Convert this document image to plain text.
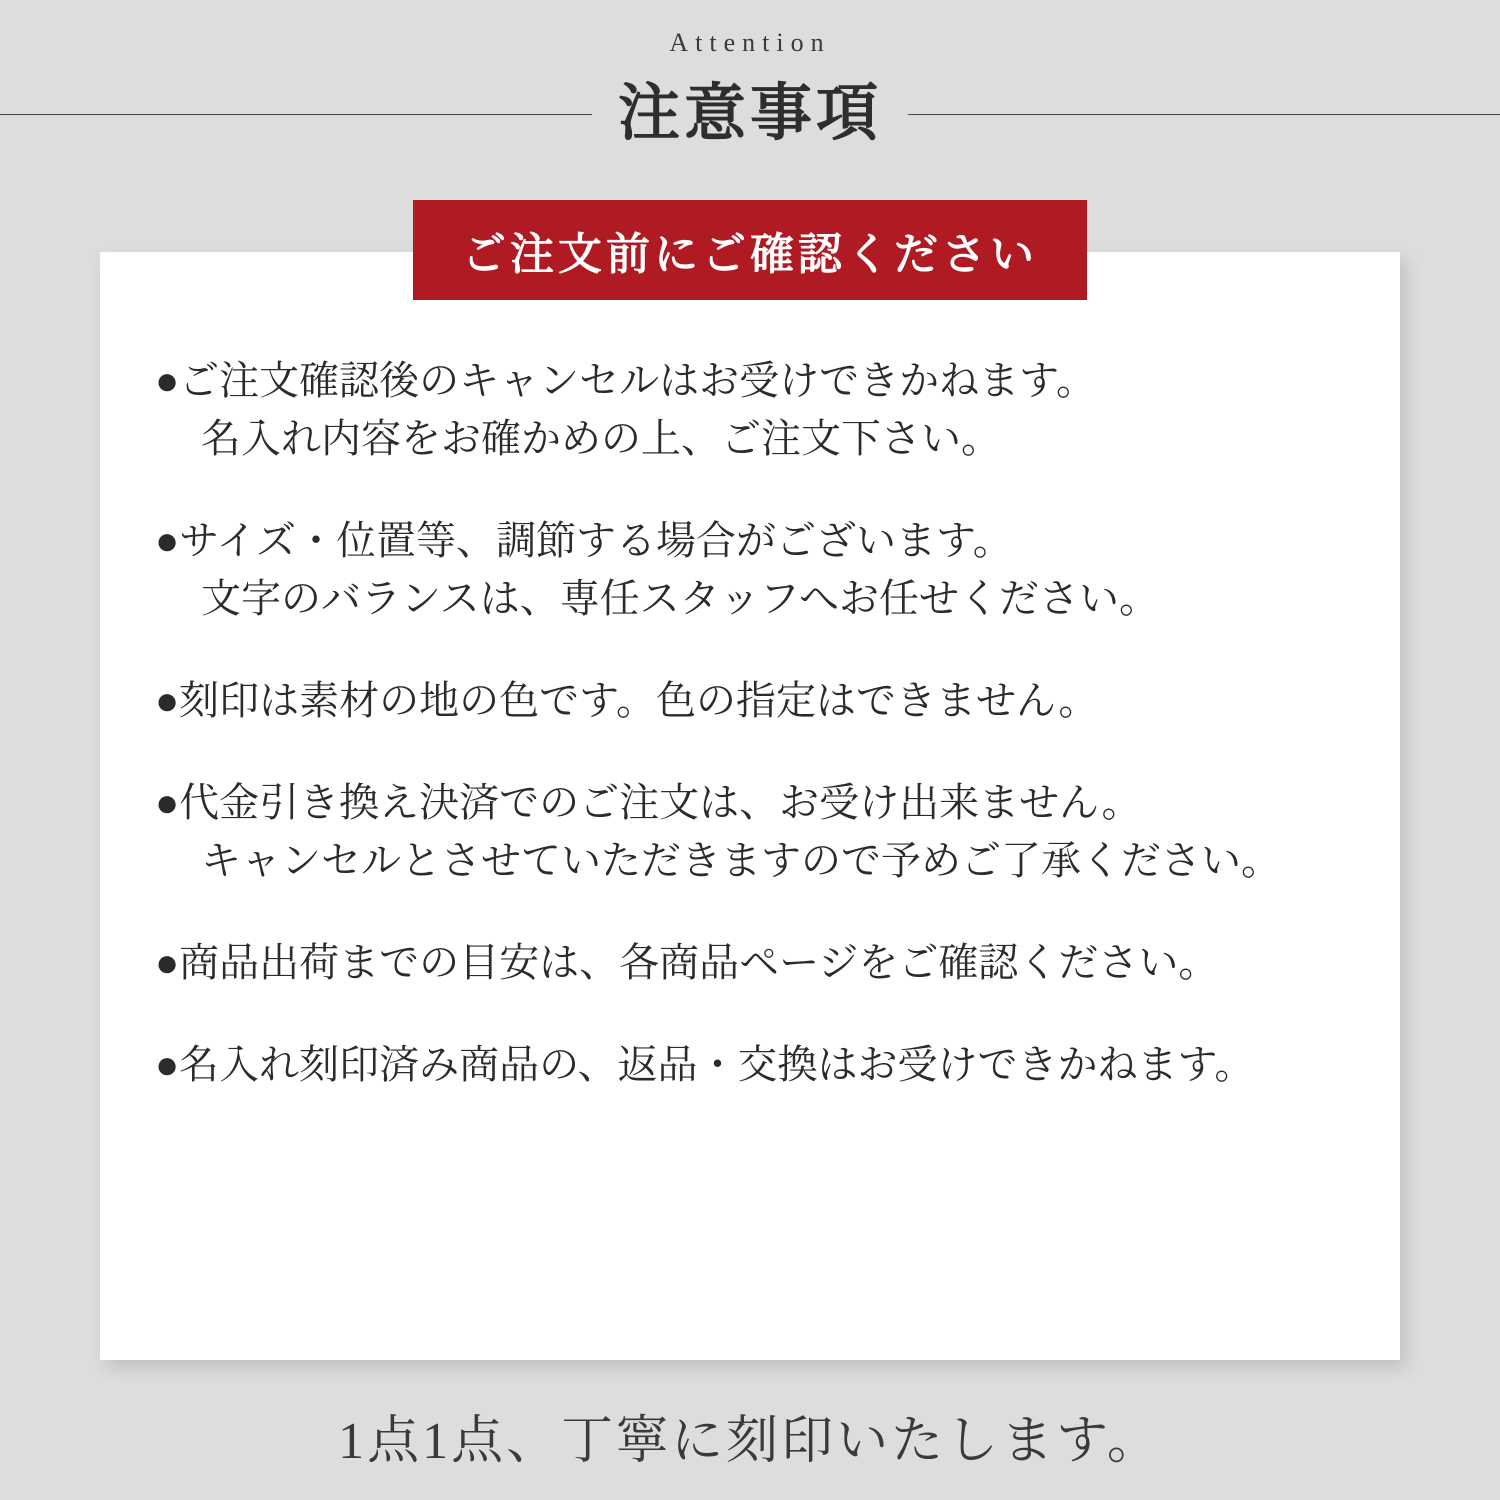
Attention
注意事項
ご注文前にご確認ください
●ご注文確認後のキャンセルはお受けできかねます。
名入れ内容をお確かめの上、ご注文下さい。
●サイズ・位置等、調節する場合がございます。
文字のバランスは、専任スタッフへお任せください。
●刻印は素材の地の色です。色の指定はできません。
●代金引き換え決済でのご注文は、お受け出来ません。
キャンセルとさせていただきますので予めご了承ください。
●商品出荷までの目安は、各商品ページをご確認ください。
●名入れ刻印済み商品の、返品・交換はお受けできかねます。
1点1点、丁寧に刻印いたします。
